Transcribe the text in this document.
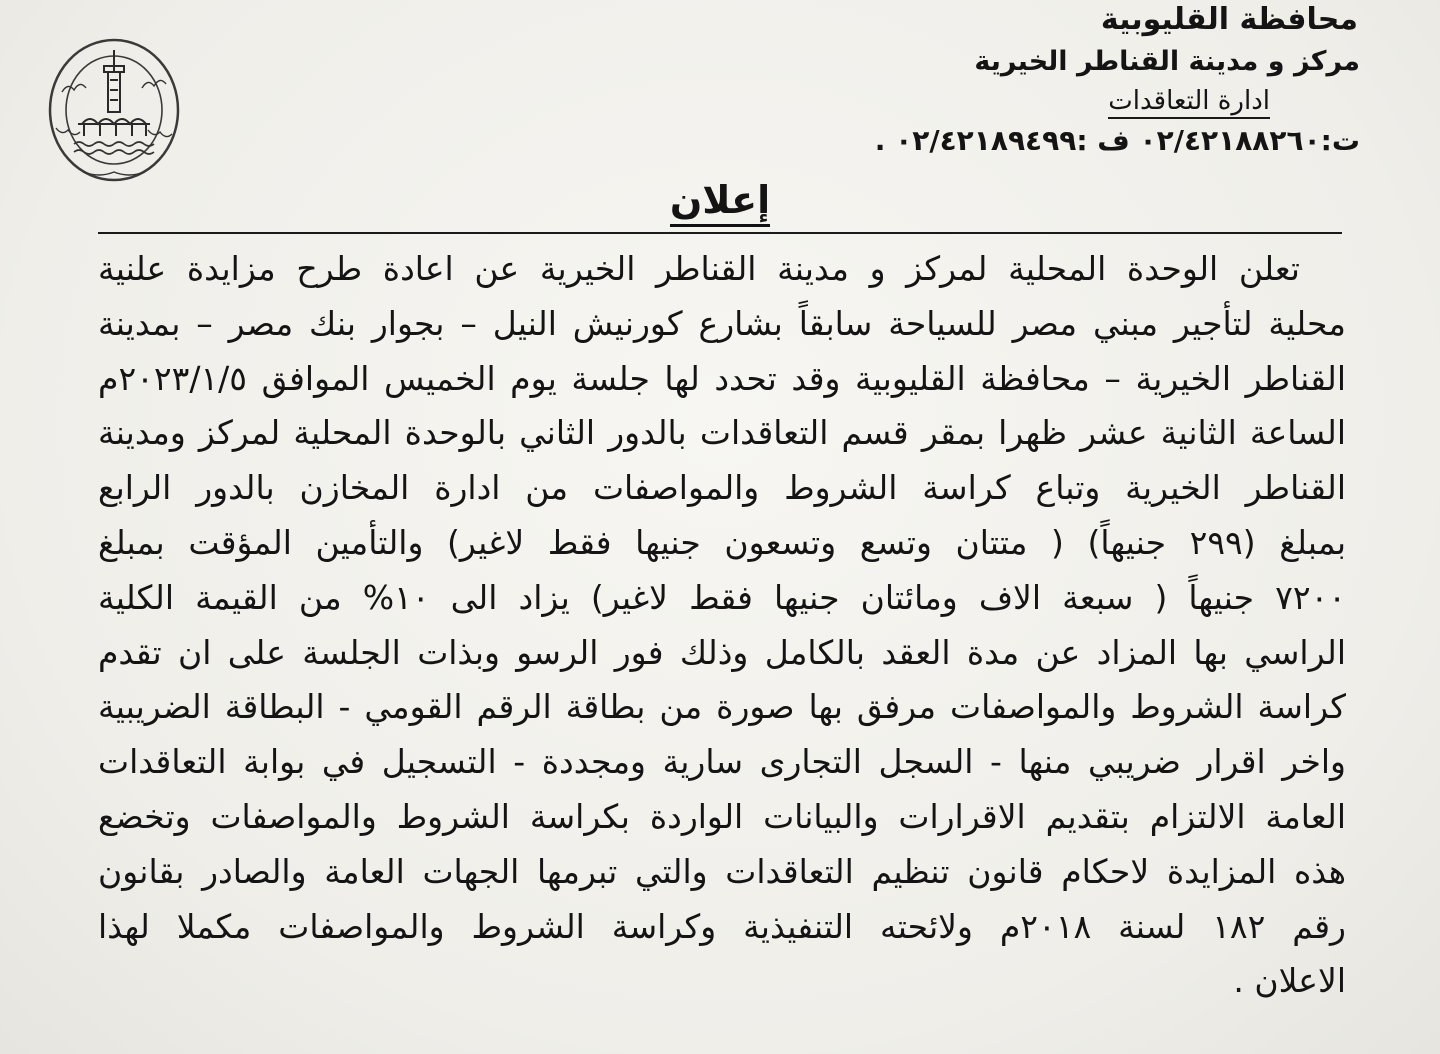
محافظة القليوبية
مركز و مدينة القناطر الخيرية
ادارة التعاقدات
ت:٠٢/٤٢١٨٨٢٦٠ ف :٠٢/٤٢١٨٩٤٩٩ .
إعلان
تعلن الوحدة المحلية لمركز و مدينة القناطر الخيرية عن اعادة طرح مزايدة علنية
محلية لتأجير مبني مصر للسياحة سابقاً بشارع كورنيش النيل – بجوار بنك مصر – بمدينة
القناطر الخيرية – محافظة القليوبية وقد تحدد لها جلسة يوم الخميس الموافق ٢٠٢٣/١/٥م
الساعة الثانية عشر ظهرا بمقر قسم التعاقدات بالدور الثاني بالوحدة المحلية لمركز ومدينة
القناطر الخيرية وتباع كراسة الشروط والمواصفات من ادارة المخازن بالدور الرابع
بمبلغ (٢٩٩ جنيهاً) ( متتان وتسع وتسعون جنيها فقط لاغير) والتأمين المؤقت بمبلغ
٧٢٠٠ جنيهاً ( سبعة الاف ومائتان جنيها فقط لاغير) يزاد الى ١٠% من القيمة الكلية
الراسي بها المزاد عن مدة العقد بالكامل وذلك فور الرسو وبذات الجلسة على ان تقدم
كراسة الشروط والمواصفات مرفق بها صورة من بطاقة الرقم القومي - البطاقة الضريبية
واخر اقرار ضريبي منها - السجل التجارى سارية ومجددة - التسجيل في بوابة التعاقدات
العامة الالتزام بتقديم الاقرارات والبيانات الواردة بكراسة الشروط والمواصفات وتخضع
هذه المزايدة لاحكام قانون تنظيم التعاقدات والتي تبرمها الجهات العامة والصادر بقانون
رقم ١٨٢ لسنة ٢٠١٨م ولائحته التنفيذية وكراسة الشروط والمواصفات مكملا لهذا
الاعلان .
